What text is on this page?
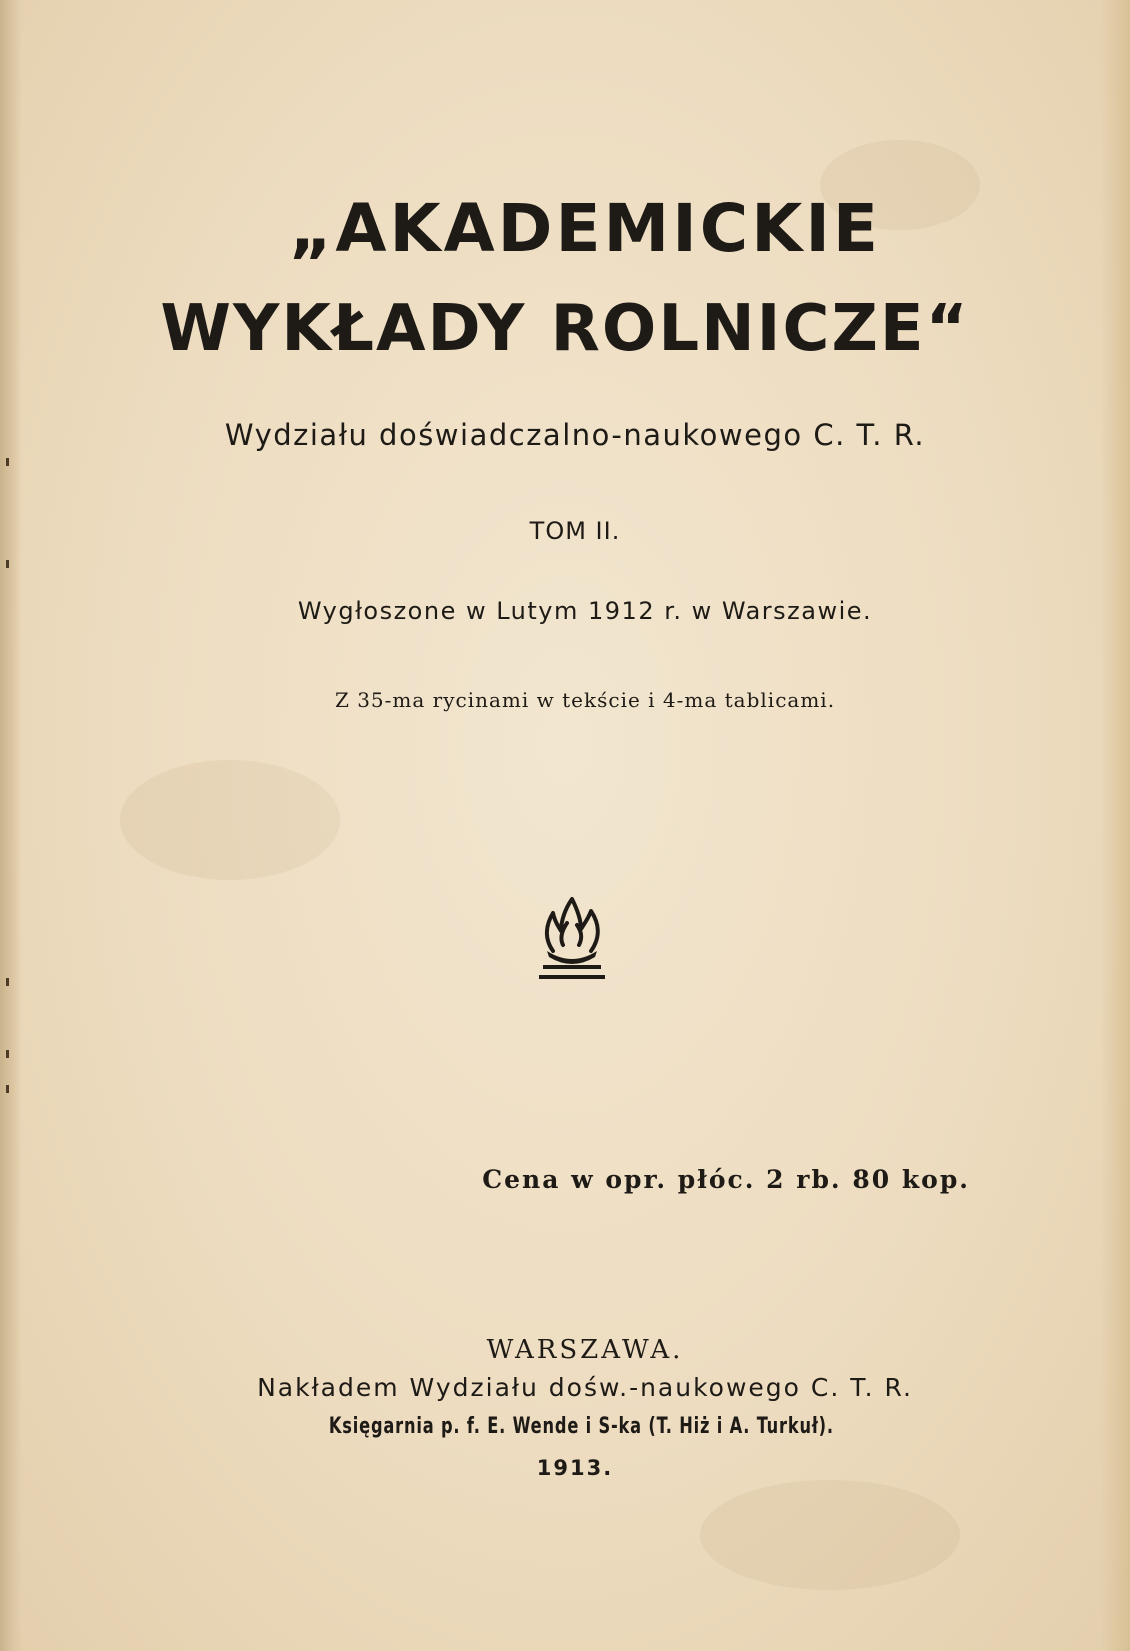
„AKADEMICKIE
WYKŁADY ROLNICZE“
Wydziału doświadczalno-naukowego C. T. R.
TOM II.
Wygłoszone w Lutym 1912 r. w Warszawie.
Z 35-ma rycinami w tekście i 4-ma tablicami.
Cena w opr. płóc. 2 rb. 80 kop.
WARSZAWA.
Nakładem Wydziału dośw.-naukowego C. T. R.
Księgarnia p. f. E. Wende i S-ka (T. Hiż i A. Turkuł).
1913.
